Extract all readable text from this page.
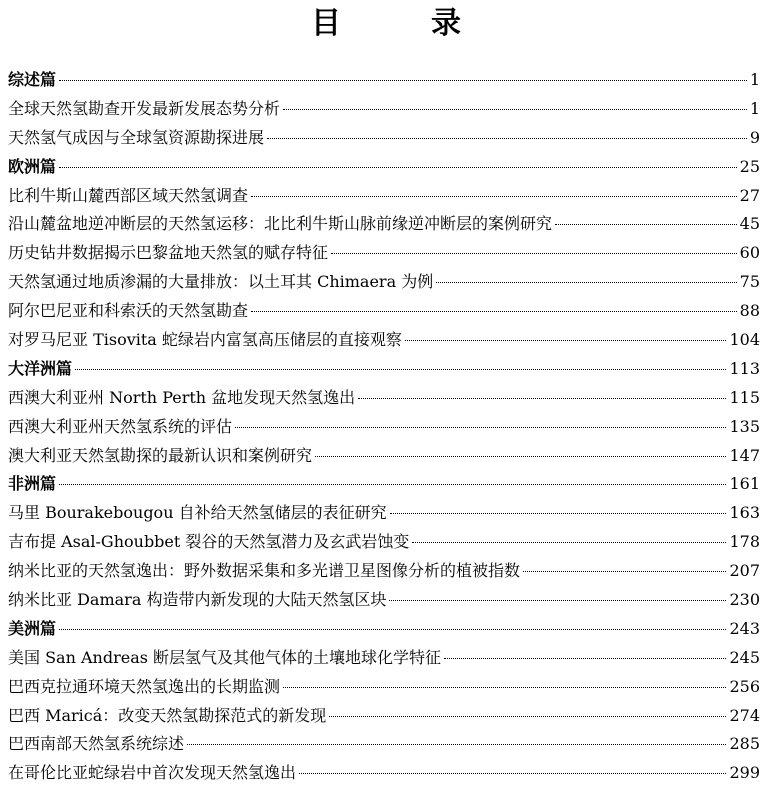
目　录
综述篇	1
全球天然氢勘查开发最新发展态势分析	1
天然氢气成因与全球氢资源勘探进展	9
欧洲篇	25
比利牛斯山麓西部区域天然氢调查	27
沿山麓盆地逆冲断层的天然氢运移：北比利牛斯山脉前缘逆冲断层的案例研究	45
历史钻井数据揭示巴黎盆地天然氢的赋存特征	60
天然氢通过地质渗漏的大量排放：以土耳其 Chimaera 为例	75
阿尔巴尼亚和科索沃的天然氢勘查	88
对罗马尼亚 Tisovita 蛇绿岩内富氢高压储层的直接观察	104
大洋洲篇	113
西澳大利亚州 North Perth 盆地发现天然氢逸出	115
西澳大利亚州天然氢系统的评估	135
澳大利亚天然氢勘探的最新认识和案例研究	147
非洲篇	161
马里 Bourakebougou 自补给天然氢储层的表征研究	163
吉布提 Asal-Ghoubbet 裂谷的天然氢潜力及玄武岩蚀变	178
纳米比亚的天然氢逸出：野外数据采集和多光谱卫星图像分析的植被指数	207
纳米比亚 Damara 构造带内新发现的大陆天然氢区块	230
美洲篇	243
美国 San Andreas 断层氢气及其他气体的土壤地球化学特征	245
巴西克拉通环境天然氢逸出的长期监测	256
巴西 Maricá：改变天然氢勘探范式的新发现	274
巴西南部天然氢系统综述	285
在哥伦比亚蛇绿岩中首次发现天然氢逸出	299
